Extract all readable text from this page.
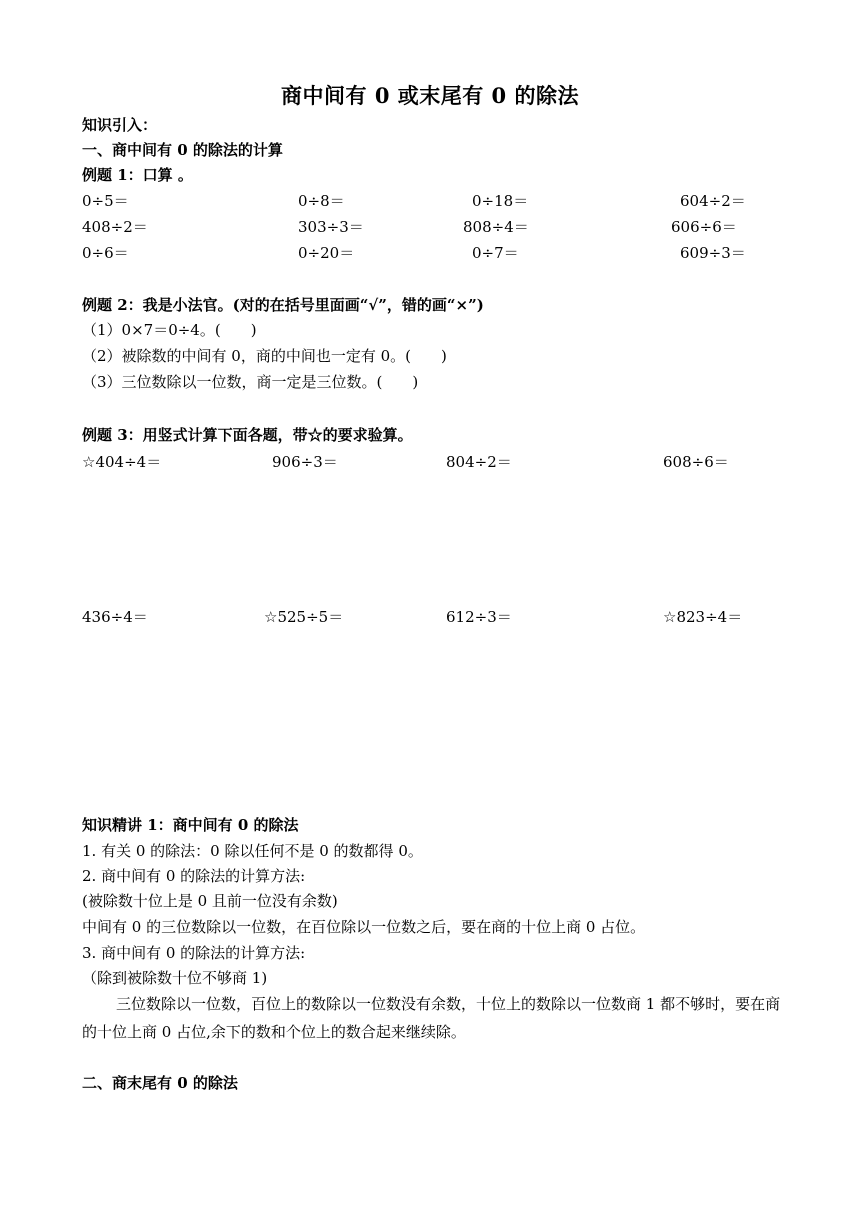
商中间有 0 或末尾有 0 的除法
知识引入：
一、商中间有 0 的除法的计算
例题 1：口算 。
0÷5＝	0÷8＝	0÷18＝	604÷2＝
408÷2＝	303÷3＝	808÷4＝	606÷6＝
0÷6＝	0÷20＝	0÷7＝	609÷3＝
例题 2：我是小法官。(对的在括号里面画“√”，错的画“×”)
（1）0×7＝0÷4。(　　)
（2）被除数的中间有 0，商的中间也一定有 0。(　　)
（3）三位数除以一位数，商一定是三位数。(　　)
例题 3：用竖式计算下面各题，带☆的要求验算。
☆404÷4＝	906÷3＝	804÷2＝	608÷6＝
436÷4＝	☆525÷5＝	612÷3＝	☆823÷4＝
知识精讲 1：商中间有 0 的除法
1. 有关 0 的除法：0 除以任何不是 0 的数都得 0。
2. 商中间有 0 的除法的计算方法:
(被除数十位上是 0 且前一位没有余数)
中间有 0 的三位数除以一位数，在百位除以一位数之后，要在商的十位上商 0 占位。
3. 商中间有 0 的除法的计算方法:
（除到被除数十位不够商 1)
三位数除以一位数，百位上的数除以一位数没有余数，十位上的数除以一位数商 1 都不够时，要在商的十位上商 0 占位,余下的数和个位上的数合起来继续除。
二、商末尾有 0 的除法
